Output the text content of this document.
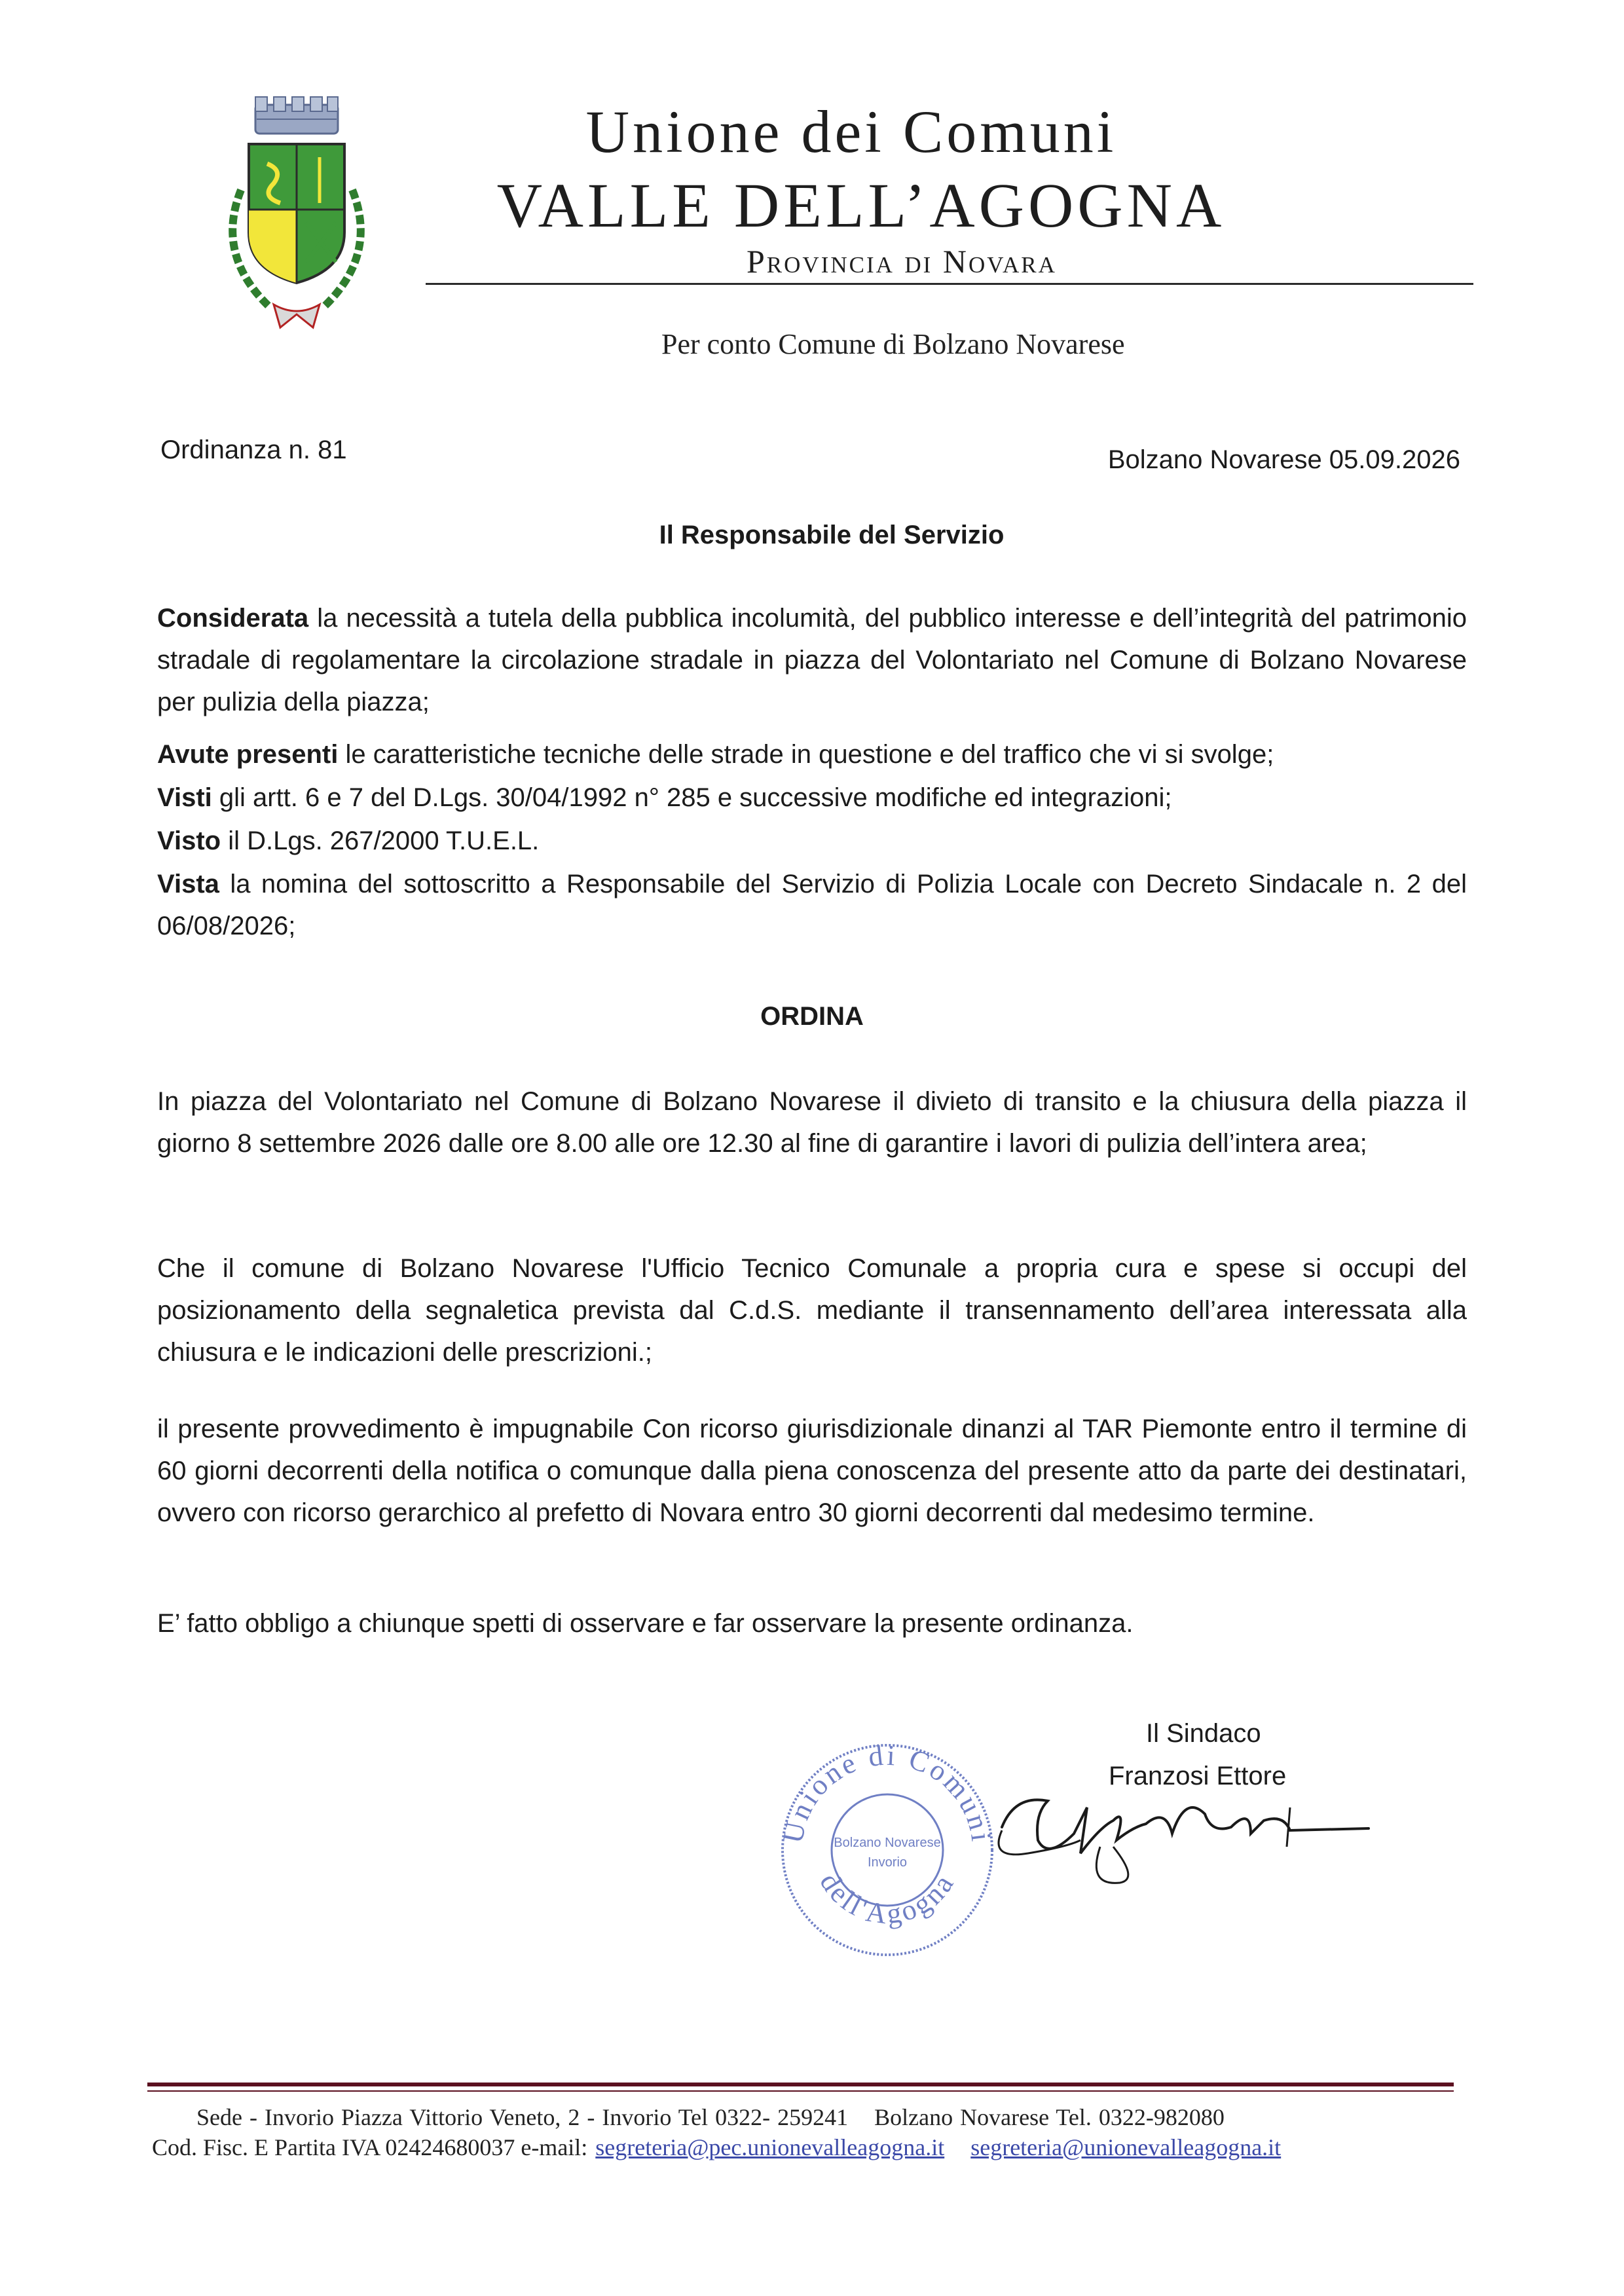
Unione dei Comuni
VALLE DELL’AGOGNA
Provincia di Novara
Per conto Comune di Bolzano Novarese
Ordinanza n. 81	Bolzano Novarese 05.09.2026
Il Responsabile del Servizio
Considerata la necessità a tutela della pubblica incolumità, del pubblico interesse e dell’integrità del patrimonio stradale di regolamentare la circolazione stradale in piazza del Volontariato nel Comune di Bolzano Novarese per pulizia della piazza;
Avute presenti le caratteristiche tecniche delle strade in questione e del traffico che vi si svolge;
Visti gli artt. 6 e 7 del D.Lgs. 30/04/1992 n° 285 e successive modifiche ed integrazioni;
Visto il D.Lgs. 267/2000 T.U.E.L.
Vista la nomina del sottoscritto a Responsabile del Servizio di Polizia Locale con Decreto Sindacale n. 2 del 06/08/2026;
ORDINA
In piazza del Volontariato nel Comune di Bolzano Novarese il divieto di transito e la chiusura della piazza il giorno 8 settembre 2026 dalle ore 8.00 alle ore 12.30 al fine di garantire i lavori di pulizia dell’intera area;
Che il comune di Bolzano Novarese l'Ufficio Tecnico Comunale a propria cura e spese si occupi del posizionamento della segnaletica prevista dal C.d.S. mediante il transennamento dell’area interessata alla chiusura e le indicazioni delle prescrizioni.;
il presente provvedimento è impugnabile Con ricorso giurisdizionale dinanzi al TAR Piemonte entro il termine di 60 giorni decorrenti della notifica o comunque dalla piena conoscenza del presente atto da parte dei destinatari, ovvero con ricorso gerarchico al prefetto di Novara entro 30 giorni decorrenti dal medesimo termine.
E’ fatto obbligo a chiunque spetti di osservare e far osservare la presente ordinanza.
Il Sindaco
Franzosi Ettore
Unione di Comuni
dell'Agogna
Bolzano Novarese
Invorio
Sede - Invorio Piazza Vittorio Veneto, 2 - Invorio Tel 0322- 259241 Bolzano Novarese Tel. 0322-982080
Cod. Fisc. E Partita IVA 02424680037 e-mail: segreteria@pec.unionevalleagogna.it segreteria@unionevalleagogna.it
